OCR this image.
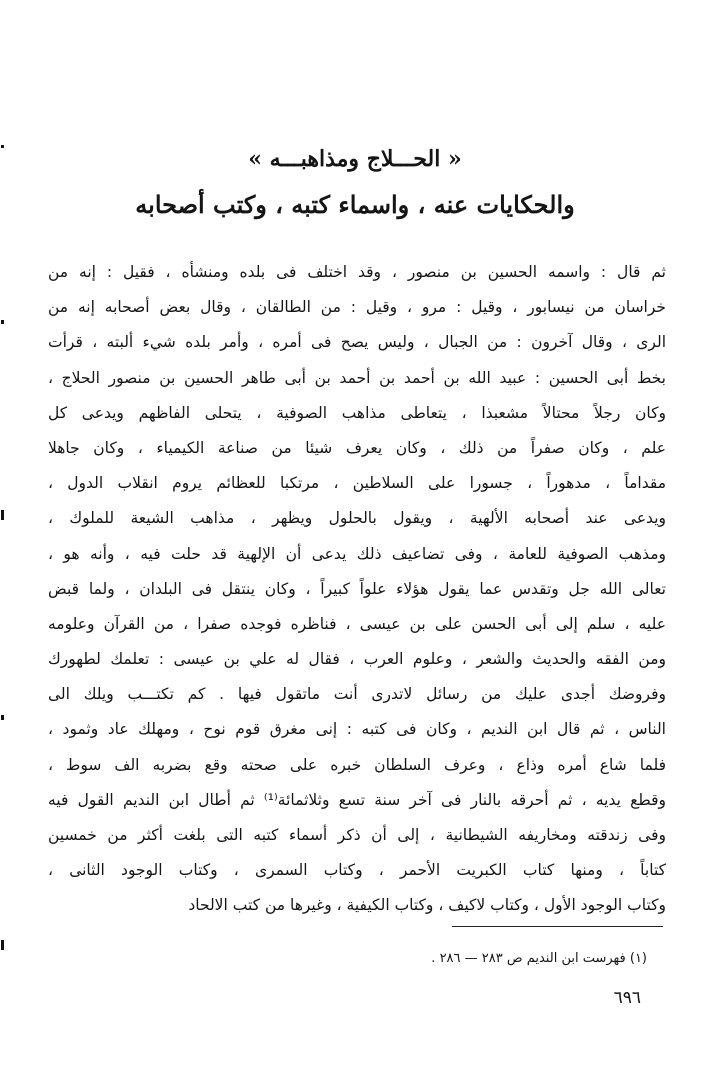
« الحـــلاج ومذاهبـــه »
والحكايات عنه ، واسماء كتبه ، وكتب أصحابه
ثم قال : واسمه الحسين بن منصور ، وقد اختلف فى بلده ومنشأه ، فقيل : إنه من
خراسان من نيسابور ، وقيل : مرو ، وقيل : من الطالقان ، وقال بعض أصحابه إنه من
الرى ، وقال آخرون : من الجبال ، وليس يصح فى أمره ، وأمر بلده شيء ألبته ، قرأت
بخط أبى الحسين : عبيد الله بن أحمد بن أحمد بن أبى طاهر الحسين بن منصور الحلاج ،
وكان رجلاً محتالاً مشعبذا ، يتعاطى مذاهب الصوفية ، يتحلى الفاظهم ويدعى كل
علم ، وكان صفراً من ذلك ، وكان يعرف شيئا من صناعة الكيمياء ، وكان جاهلا
مقداماً ، مدهوراً ، جسورا على السلاطين ، مرتكبا للعظائم يروم انقلاب الدول ،
ويدعى عند أصحابه الألهية ، ويقول بالحلول ويظهر ، مذاهب الشيعة للملوك ،
ومذهب الصوفية للعامة ، وفى تضاعيف ذلك يدعى أن الإلهية قد حلت فيه ، وأنه هو ،
تعالى الله جل وتقدس عما يقول هؤلاء علواً كبيراً ، وكان ينتقل فى البلدان ، ولما قبض
عليه ، سلم إلى أبى الحسن على بن عيسى ، فناظره فوجده صفرا ، من القرآن وعلومه
ومن الفقه والحديث والشعر ، وعلوم العرب ، فقال له علي بن عيسى : تعلمك لطهورك
وفروضك أجدى عليك من رسائل لاتدرى أنت ماتقول فيها . كم تكتـــب ويلك الى
الناس ، ثم قال ابن النديم ، وكان فى كتبه : إنى مغرق قوم نوح ، ومهلك عاد وثمود ،
فلما شاع أمره وذاع ، وعرف السلطان خبره على صحته وقع بضربه الف سوط ،
وقطع يديه ، ثم أحرقه بالنار فى آخر سنة تسع وثلاثمائة⁽¹⁾ ثم أطال ابن النديم القول فيه
وفى زندقته ومخاريفه الشيطانية ، إلى أن ذكر أسماء كتبه التى بلغت أكثر من خمسين
كتاباً ، ومنها كتاب الكبريت الأحمر ، وكتاب السمرى ، وكتاب الوجود الثانى ،
وكتاب الوجود الأول ، وكتاب لاكيف ، وكتاب الكيفية ، وغيرها من كتب الالحاد
(١) فهرست ابن النديم ص ٢٨٣ — ٢٨٦ .
٦٩٦
